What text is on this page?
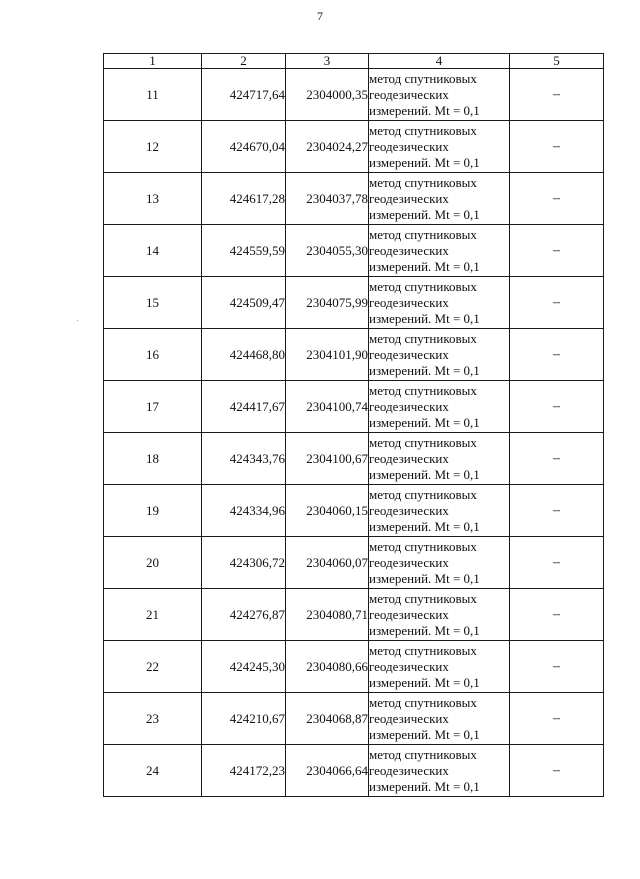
7
1	2	3	4	5
11	424717,64	2304000,35	метод спутниковых
геодезических
измерений. Mt = 0,1	–
12	424670,04	2304024,27	метод спутниковых
геодезических
измерений. Mt = 0,1	–
13	424617,28	2304037,78	метод спутниковых
геодезических
измерений. Mt = 0,1	–
14	424559,59	2304055,30	метод спутниковых
геодезических
измерений. Mt = 0,1	–
15	424509,47	2304075,99	метод спутниковых
геодезических
измерений. Mt = 0,1	–
16	424468,80	2304101,90	метод спутниковых
геодезических
измерений. Mt = 0,1	–
17	424417,67	2304100,74	метод спутниковых
геодезических
измерений. Mt = 0,1	–
18	424343,76	2304100,67	метод спутниковых
геодезических
измерений. Mt = 0,1	–
19	424334,96	2304060,15	метод спутниковых
геодезических
измерений. Mt = 0,1	–
20	424306,72	2304060,07	метод спутниковых
геодезических
измерений. Mt = 0,1	–
21	424276,87	2304080,71	метод спутниковых
геодезических
измерений. Mt = 0,1	–
22	424245,30	2304080,66	метод спутниковых
геодезических
измерений. Mt = 0,1	–
23	424210,67	2304068,87	метод спутниковых
геодезических
измерений. Mt = 0,1	–
24	424172,23	2304066,64	метод спутниковых
геодезических
измерений. Mt = 0,1	–
